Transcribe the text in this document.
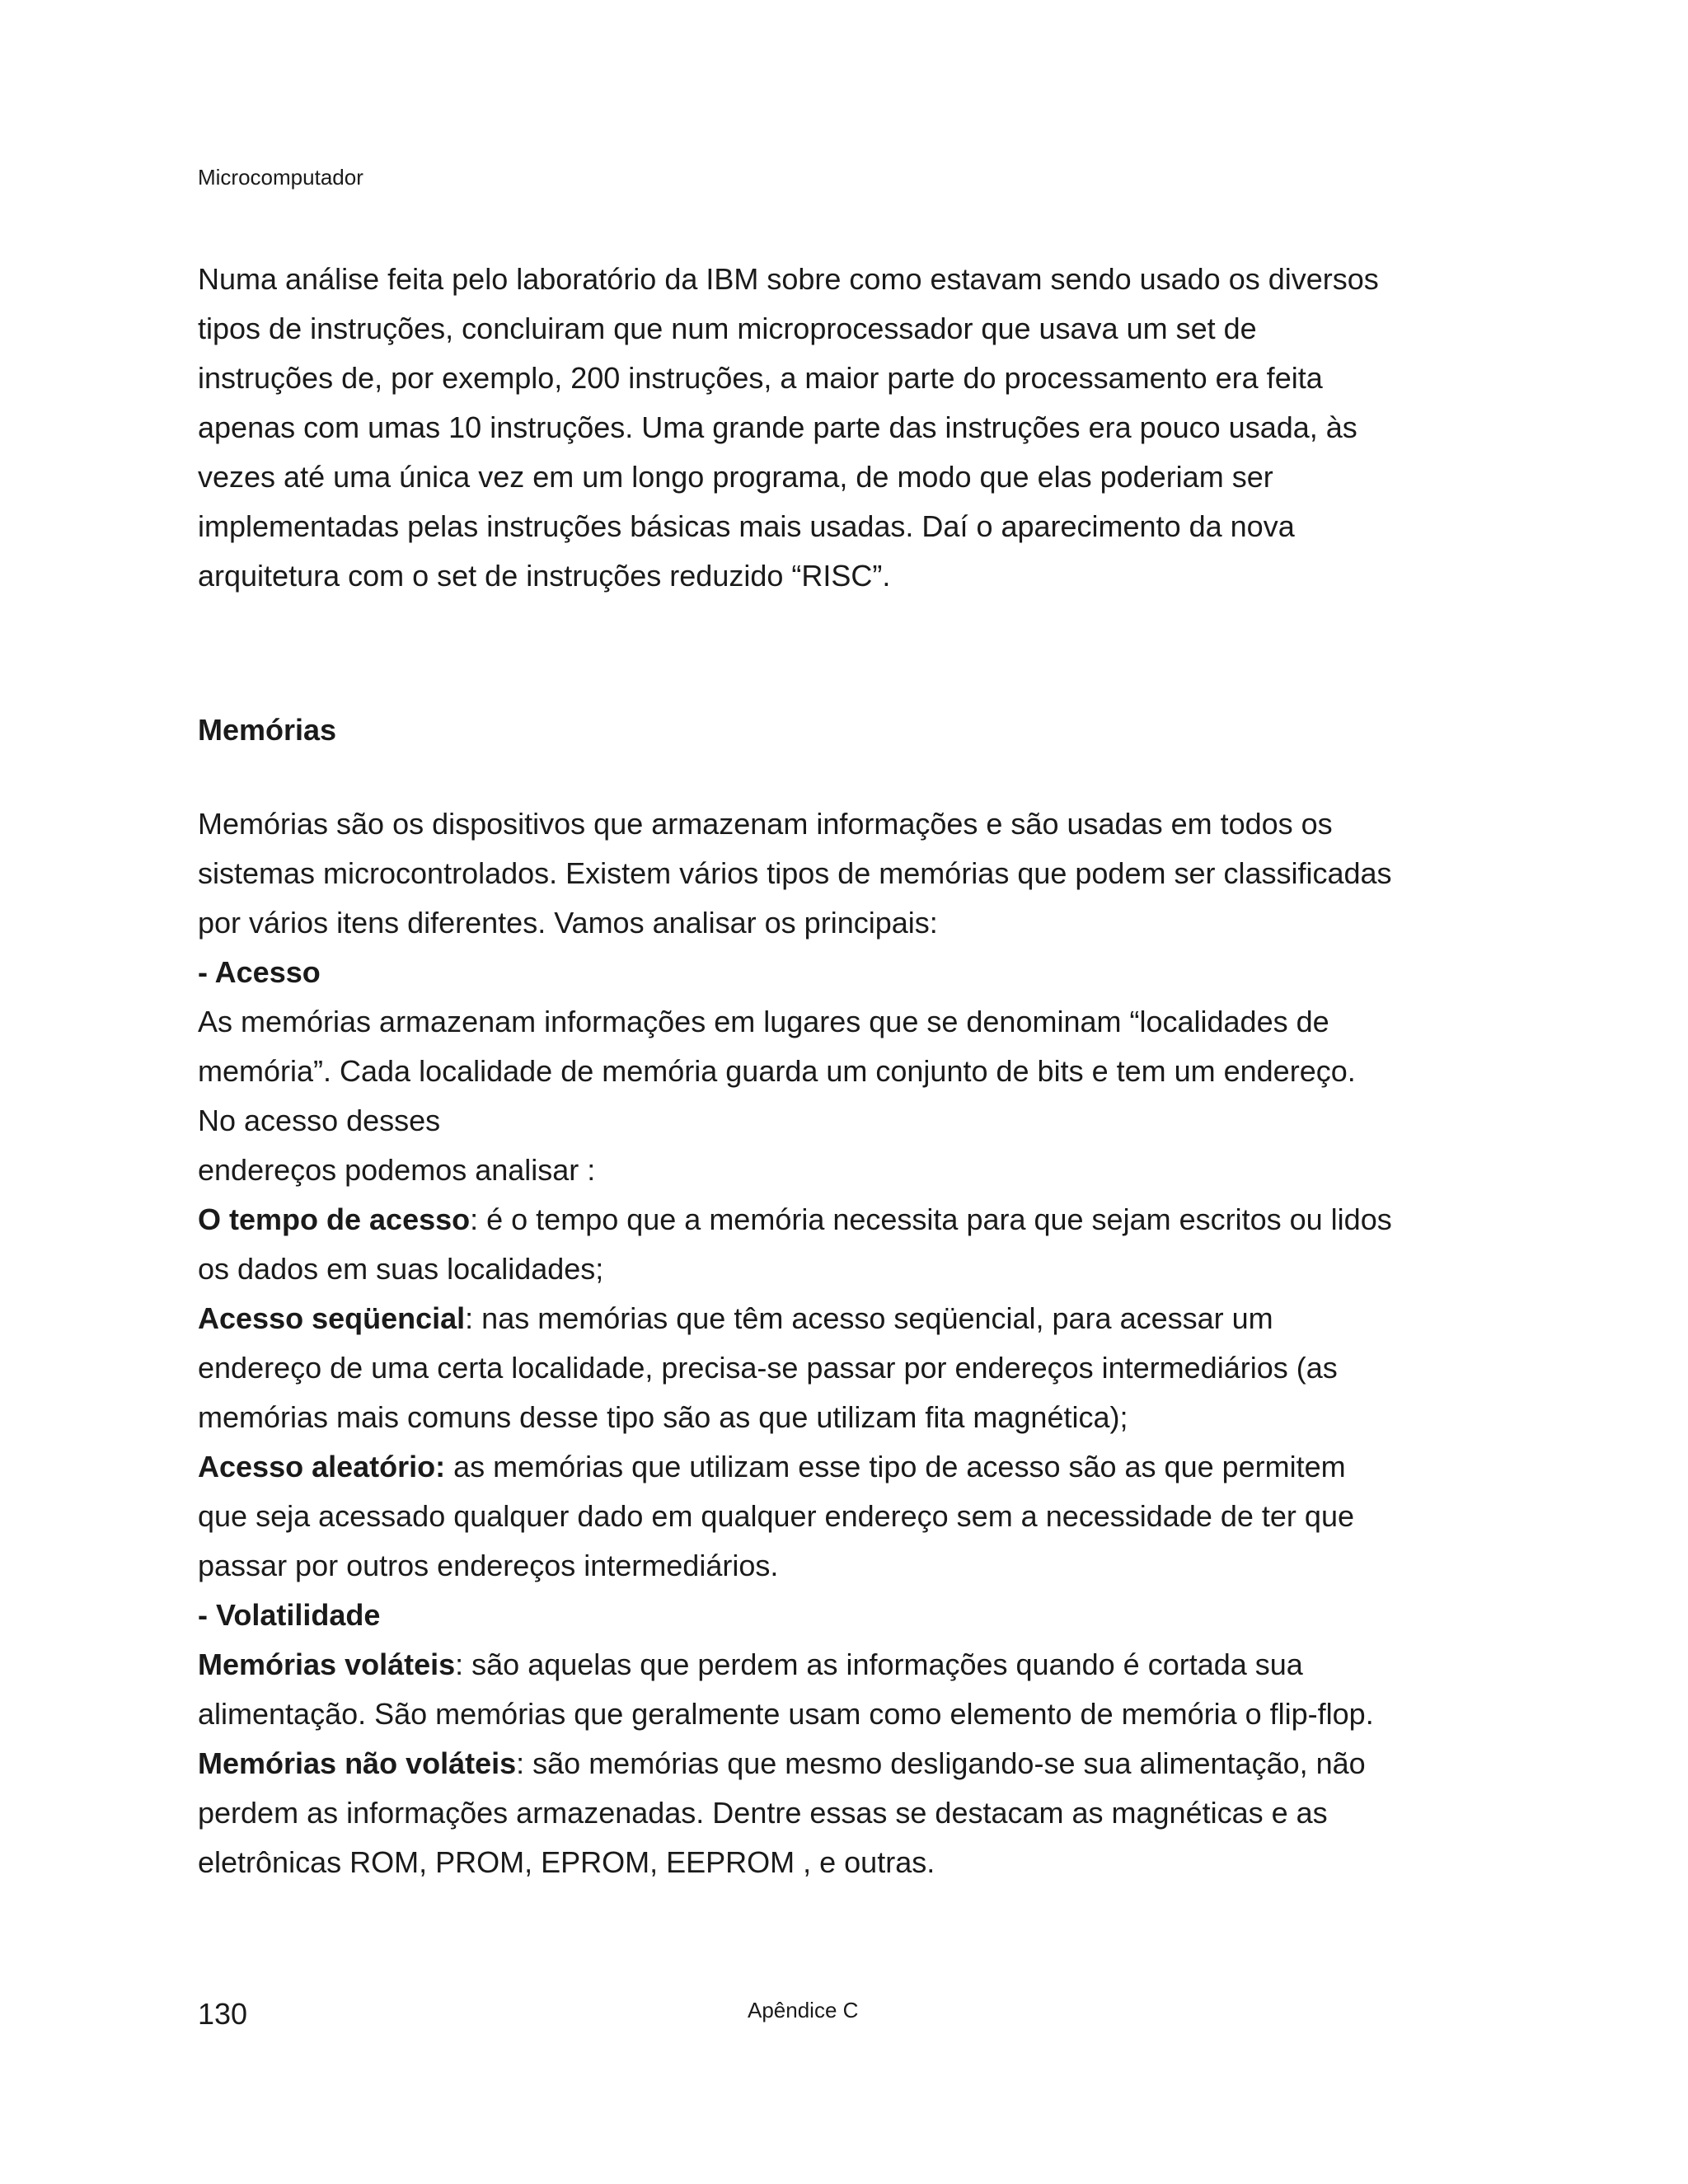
Microcomputador
Numa análise feita pelo laboratório da IBM sobre como estavam sendo usado os diversos
tipos de instruções, concluiram que num microprocessador que usava um set de
instruções de, por exemplo, 200 instruções, a maior parte do processamento era feita
apenas com umas 10 instruções. Uma grande parte das instruções era pouco usada, às
vezes até uma única vez em um longo programa, de modo que elas poderiam ser
implementadas pelas instruções básicas mais usadas. Daí o aparecimento da nova
arquitetura com o set de instruções reduzido “RISC”.
Memórias
Memórias são os dispositivos que armazenam informações e são usadas em todos os
sistemas microcontrolados. Existem vários tipos de memórias que podem ser classificadas
por vários itens diferentes. Vamos analisar os principais:
- Acesso
As memórias armazenam informações em lugares que se denominam “localidades de
memória”. Cada localidade de memória guarda um conjunto de bits e tem um endereço.
No acesso desses
endereços podemos analisar :
O tempo de acesso: é o tempo que a memória necessita para que sejam escritos ou lidos
os dados em suas localidades;
Acesso seqüencial: nas memórias que têm acesso seqüencial, para acessar um
endereço de uma certa localidade, precisa-se passar por endereços intermediários (as
memórias mais comuns desse tipo são as que utilizam fita magnética);
Acesso aleatório: as memórias que utilizam esse tipo de acesso são as que permitem
que seja acessado qualquer dado em qualquer endereço sem a necessidade de ter que
passar por outros endereços intermediários.
- Volatilidade
Memórias voláteis: são aquelas que perdem as informações quando é cortada sua
alimentação. São memórias que geralmente usam como elemento de memória o flip-flop.
Memórias não voláteis: são memórias que mesmo desligando-se sua alimentação, não
perdem as informações armazenadas. Dentre essas se destacam as magnéticas e as
eletrônicas ROM, PROM, EPROM, EEPROM , e outras.
130	Apêndice C
